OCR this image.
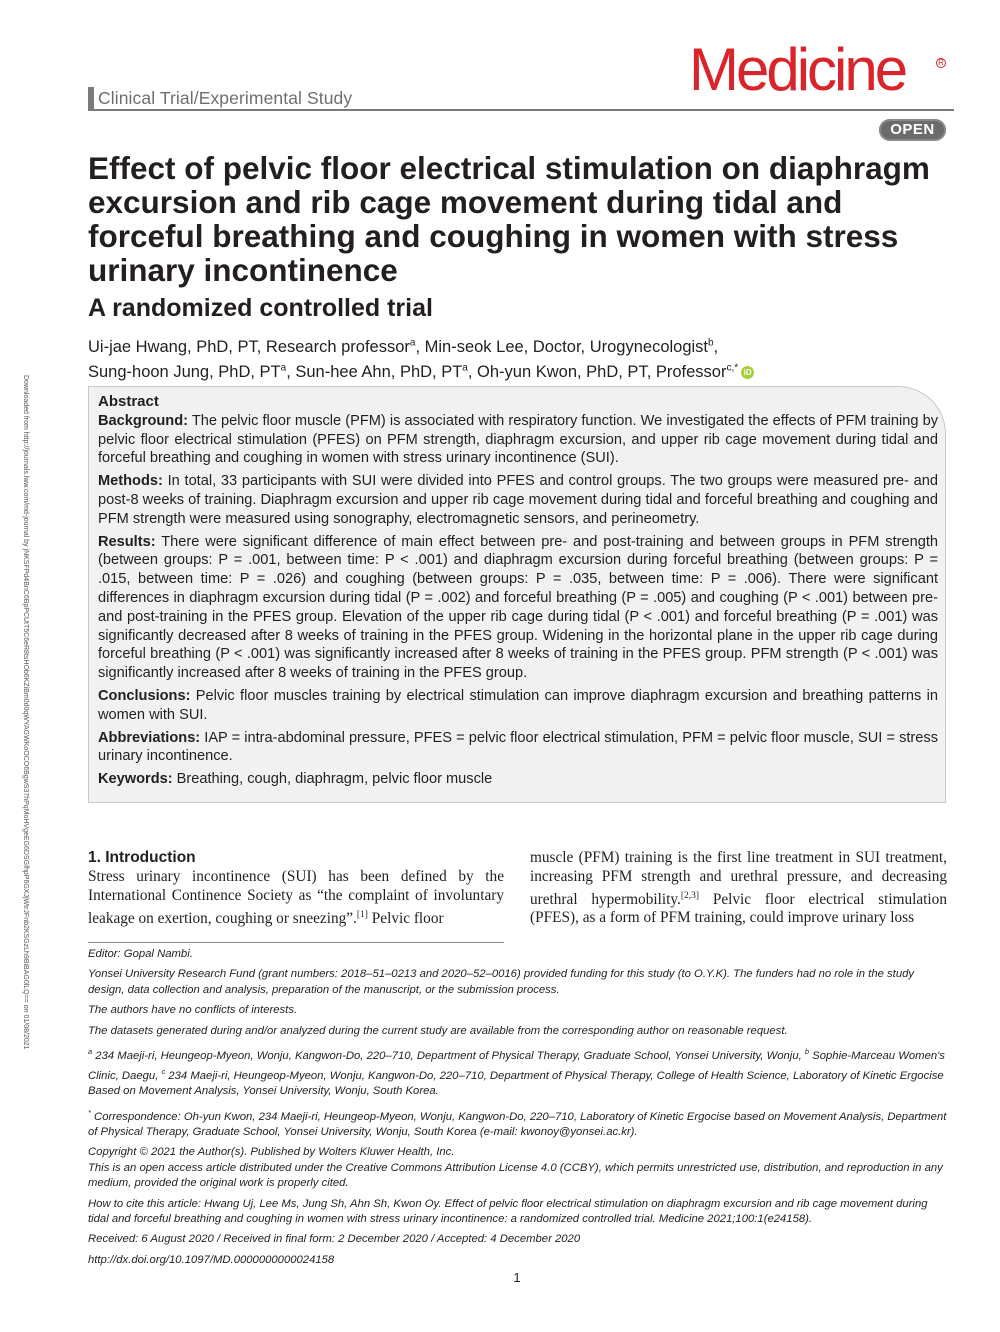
Clinical Trial/Experimental Study	Medicine	R
OPEN
Downloaded from http://journals.lww.com/md-journal by jNKSFPd4BnC6BpPCUtT5C6eR8tsHOb6KZiBm0d0qWYAGWKoOCO6BgwS37hPqMoHVgeEG6DSGfhpP6GXJjWtrJFnb2KSGzLh9BiBAG0lLQ== on 01/08/2021
Effect of pelvic floor electrical stimulation on diaphragm excursion and rib cage movement during tidal and forceful breathing and coughing in women with stress urinary incontinence
A randomized controlled trial
Ui-jae Hwang, PhD, PT, Research professor$^a$, Min-seok Lee, Doctor, Urogynecologist$^b$,
Sung-hoon Jung, PhD, $PT^a$, Sun-hee Ahn, PhD, $PT^a$, Oh-yun Kwon, PhD, PT, Professor$^{c,*}$ iD

Abstract

Background: The pelvic floor muscle (PFM) is associated with respiratory function. We investigated the effects of PFM training by pelvic floor electrical stimulation (PFES) on PFM strength, diaphragm excursion, and upper rib cage movement during tidal and forceful breathing and coughing in women with stress urinary incontinence (SUI).

Methods: In total, 33 participants with SUI were divided into PFES and control groups. The two groups were measured pre- and post-8 weeks of training. Diaphragm excursion and upper rib cage movement during tidal and forceful breathing and coughing and PFM strength were measured using sonography, electromagnetic sensors, and perineometry.

Results: There were significant difference of main effect between pre- and post-training and between groups in PFM strength (between groups: P = .001, between time: P < .001) and diaphragm excursion during forceful breathing (between groups: P = .015, between time: P = .026) and coughing (between groups: P = .035, between time: P = .006). There were significant differences in diaphragm excursion during tidal (P = .002) and forceful breathing (P = .005) and coughing (P < .001) between pre- and post-training in the PFES group. Elevation of the upper rib cage during tidal (P < .001) and forceful breathing (P = .001) was significantly decreased after 8 weeks of training in the PFES group. Widening in the horizontal plane in the upper rib cage during forceful breathing (P < .001) was significantly increased after 8 weeks of training in the PFES group. PFM strength (P < .001) was significantly increased after 8 weeks of training in the PFES group.

Conclusions: Pelvic floor muscles training by electrical stimulation can improve diaphragm excursion and breathing patterns in women with SUI.

Abbreviations: IAP = intra-abdominal pressure, PFES = pelvic floor electrical stimulation, PFM = pelvic floor muscle, SUI = stress urinary incontinence.

Keywords: Breathing, cough, diaphragm, pelvic floor muscle

1. Introduction
Stress urinary incontinence (SUI) has been defined by the International Continence Society as “the complaint of involuntary leakage on exertion, coughing or sneezing”.[1] Pelvic floor
muscle (PFM) training is the first line treatment in SUI treatment, increasing PFM strength and urethral pressure, and decreasing urethral hypermobility.[2,3] Pelvic floor electrical stimulation (PFES), as a form of PFM training, could improve urinary loss

Editor: Gopal Nambi.

Yonsei University Research Fund (grant numbers: 2018–51–0213 and 2020–52–0016) provided funding for this study (to O.Y.K). The funders had no role in the study design, data collection and analysis, preparation of the manuscript, or the submission process.

The authors have no conflicts of interests.

The datasets generated during and/or analyzed during the current study are available from the corresponding author on reasonable request.

$^a$ 234 Maeji-ri, Heungeop-Myeon, Wonju, Kangwon-Do, 220–710, Department of Physical Therapy, Graduate School, Yonsei University, Wonju, $^b$ Sophie-Marceau Women's Clinic, Daegu, $^c$ 234 Maeji-ri, Heungeop-Myeon, Wonju, Kangwon-Do, 220–710, Department of Physical Therapy, College of Health Science, Laboratory of Kinetic Ergocise Based on Movement Analysis, Yonsei University, Wonju, South Korea.

* Correspondence: Oh-yun Kwon, 234 Maeji-ri, Heungeop-Myeon, Wonju, Kangwon-Do, 220–710, Laboratory of Kinetic Ergocise based on Movement Analysis, Department of Physical Therapy, Graduate School, Yonsei University, Wonju, South Korea (e-mail: kwonoy@yonsei.ac.kr).

Copyright © 2021 the Author(s). Published by Wolters Kluwer Health, Inc.
This is an open access article distributed under the Creative Commons Attribution License 4.0 (CCBY), which permits unrestricted use, distribution, and reproduction in any medium, provided the original work is properly cited.

How to cite this article: Hwang Uj, Lee Ms, Jung Sh, Ahn Sh, Kwon Oy. Effect of pelvic floor electrical stimulation on diaphragm excursion and rib cage movement during tidal and forceful breathing and coughing in women with stress urinary incontinence: a randomized controlled trial. Medicine 2021;100:1(e24158).

Received: 6 August 2020 / Received in final form: 2 December 2020 / Accepted: 4 December 2020

http://dx.doi.org/10.1097/MD.0000000000024158

1
